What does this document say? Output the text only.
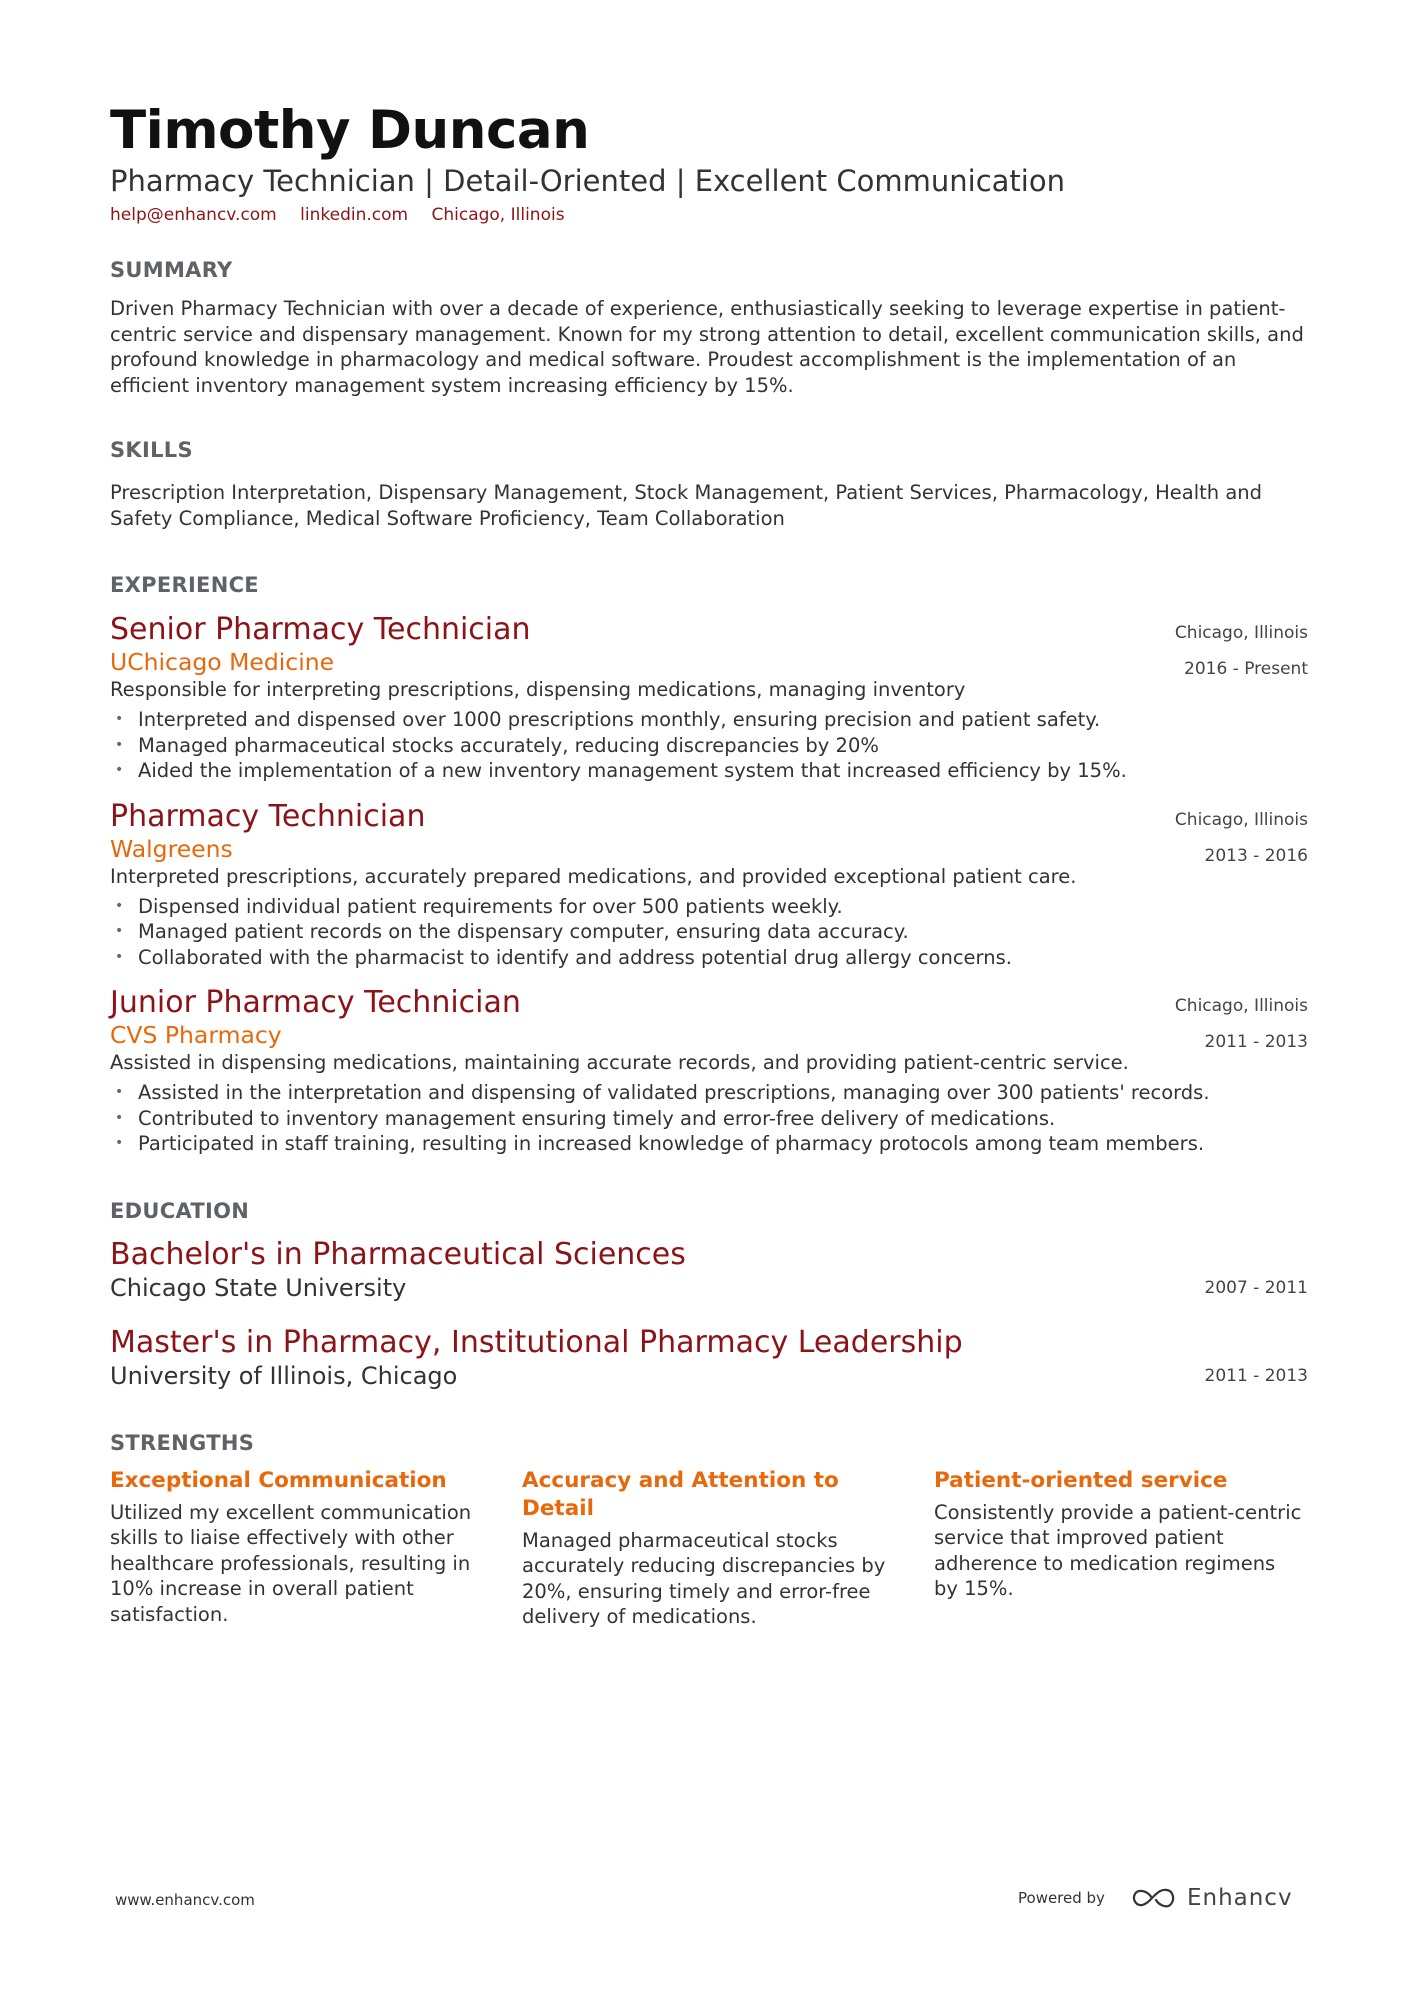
Timothy Duncan
Pharmacy Technician | Detail-Oriented | Excellent Communication
help@enhancv.com linkedin.com Chicago, Illinois
SUMMARY
Driven Pharmacy Technician with over a decade of experience, enthusiastically seeking to leverage expertise in patient-centric service and dispensary management. Known for my strong attention to detail, excellent communication skills, and profound knowledge in pharmacology and medical software. Proudest accomplishment is the implementation of an efficient inventory management system increasing efficiency by 15%.
SKILLS
Prescription Interpretation, Dispensary Management, Stock Management, Patient Services, Pharmacology, Health and Safety Compliance, Medical Software Proficiency, Team Collaboration
EXPERIENCE
Senior Pharmacy Technician
UChicago Medicine
Chicago, Illinois
2016 - Present
Responsible for interpreting prescriptions, dispensing medications, managing inventory
• Interpreted and dispensed over 1000 prescriptions monthly, ensuring precision and patient safety.
• Managed pharmaceutical stocks accurately, reducing discrepancies by 20%
• Aided the implementation of a new inventory management system that increased efficiency by 15%.
Pharmacy Technician
Walgreens
Chicago, Illinois
2013 - 2016
Interpreted prescriptions, accurately prepared medications, and provided exceptional patient care.
• Dispensed individual patient requirements for over 500 patients weekly.
• Managed patient records on the dispensary computer, ensuring data accuracy.
• Collaborated with the pharmacist to identify and address potential drug allergy concerns.
Junior Pharmacy Technician
CVS Pharmacy
Chicago, Illinois
2011 - 2013
Assisted in dispensing medications, maintaining accurate records, and providing patient-centric service.
• Assisted in the interpretation and dispensing of validated prescriptions, managing over 300 patients' records.
• Contributed to inventory management ensuring timely and error-free delivery of medications.
• Participated in staff training, resulting in increased knowledge of pharmacy protocols among team members.
EDUCATION
Bachelor's in Pharmaceutical Sciences
Chicago State University	2007 - 2011
Master's in Pharmacy, Institutional Pharmacy Leadership
University of Illinois, Chicago	2011 - 2013
STRENGTHS
Exceptional Communication
Utilized my excellent communication skills to liaise effectively with other healthcare professionals, resulting in 10% increase in overall patient satisfaction.
Accuracy and Attention to Detail
Managed pharmaceutical stocks accurately reducing discrepancies by 20%, ensuring timely and error-free delivery of medications.
Patient-oriented service
Consistently provide a patient-centric service that improved patient adherence to medication regimens by 15%.
www.enhancv.com	Powered by	Enhancv
